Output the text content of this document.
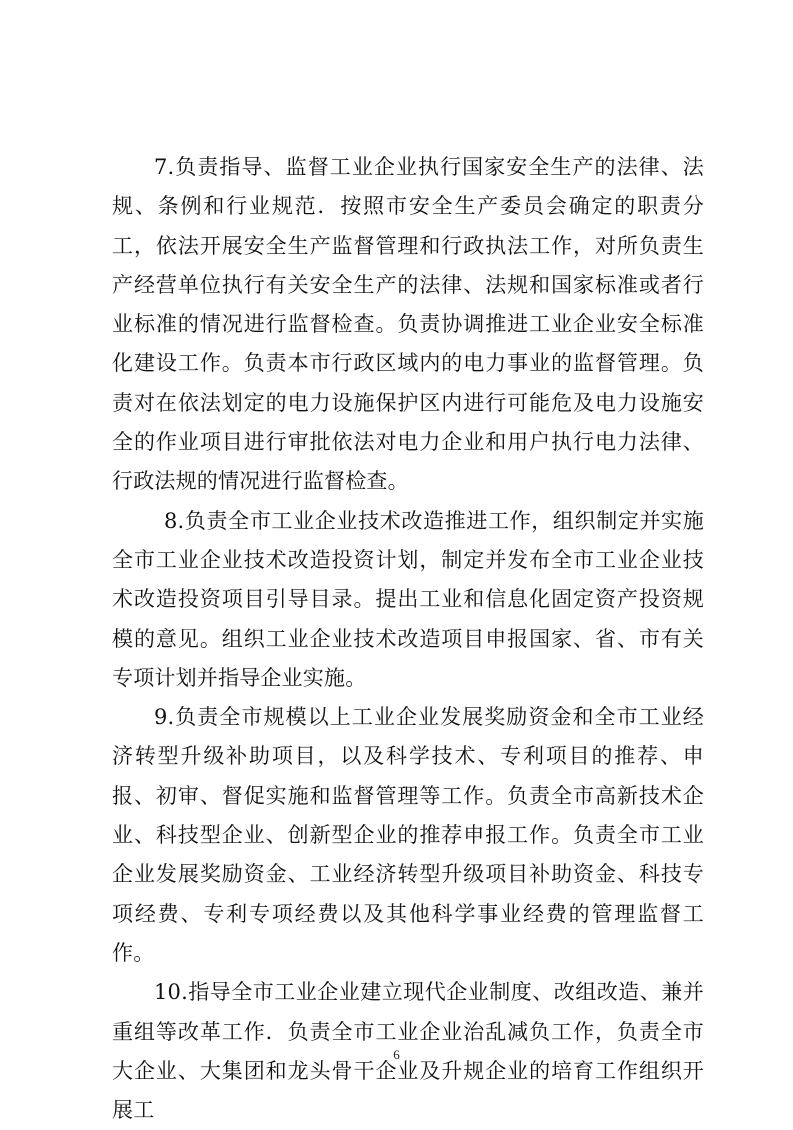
7.负责指导、监督工业企业执行国家安全生产的法律、法规、条例和行业规范．按照市安全生产委员会确定的职责分工，依法开展安全生产监督管理和行政执法工作，对所负责生产经营单位执行有关安全生产的法律、法规和国家标准或者行业标准的情况进行监督检查。负责协调推进工业企业安全标准化建设工作。负责本市行政区域内的电力事业的监督管理。负责对在依法划定的电力设施保护区内进行可能危及电力设施安全的作业项目进行审批依法对电力企业和用户执行电力法律、行政法规的情况进行监督检查。

8.负责全市工业企业技术改造推进工作，组织制定并实施全市工业企业技术改造投资计划，制定并发布全市工业企业技术改造投资项目引导目录。提出工业和信息化固定资产投资规模的意见。组织工业企业技术改造项目申报国家、省、市有关专项计划并指导企业实施。

9.负责全市规模以上工业企业发展奖励资金和全市工业经济转型升级补助项目，以及科学技术、专利项目的推荐、申报、初审、督促实施和监督管理等工作。负责全市高新技术企业、科技型企业、创新型企业的推荐申报工作。负责全市工业企业发展奖励资金、工业经济转型升级项目补助资金、科技专项经费、专利专项经费以及其他科学事业经费的管理监督工作。

10.指导全市工业企业建立现代企业制度、改组改造、兼并重组等改革工作．负责全市工业企业治乱减负工作，负责全市大企业、大集团和龙头骨干企业及升规企业的培育工作组织开展工

6
